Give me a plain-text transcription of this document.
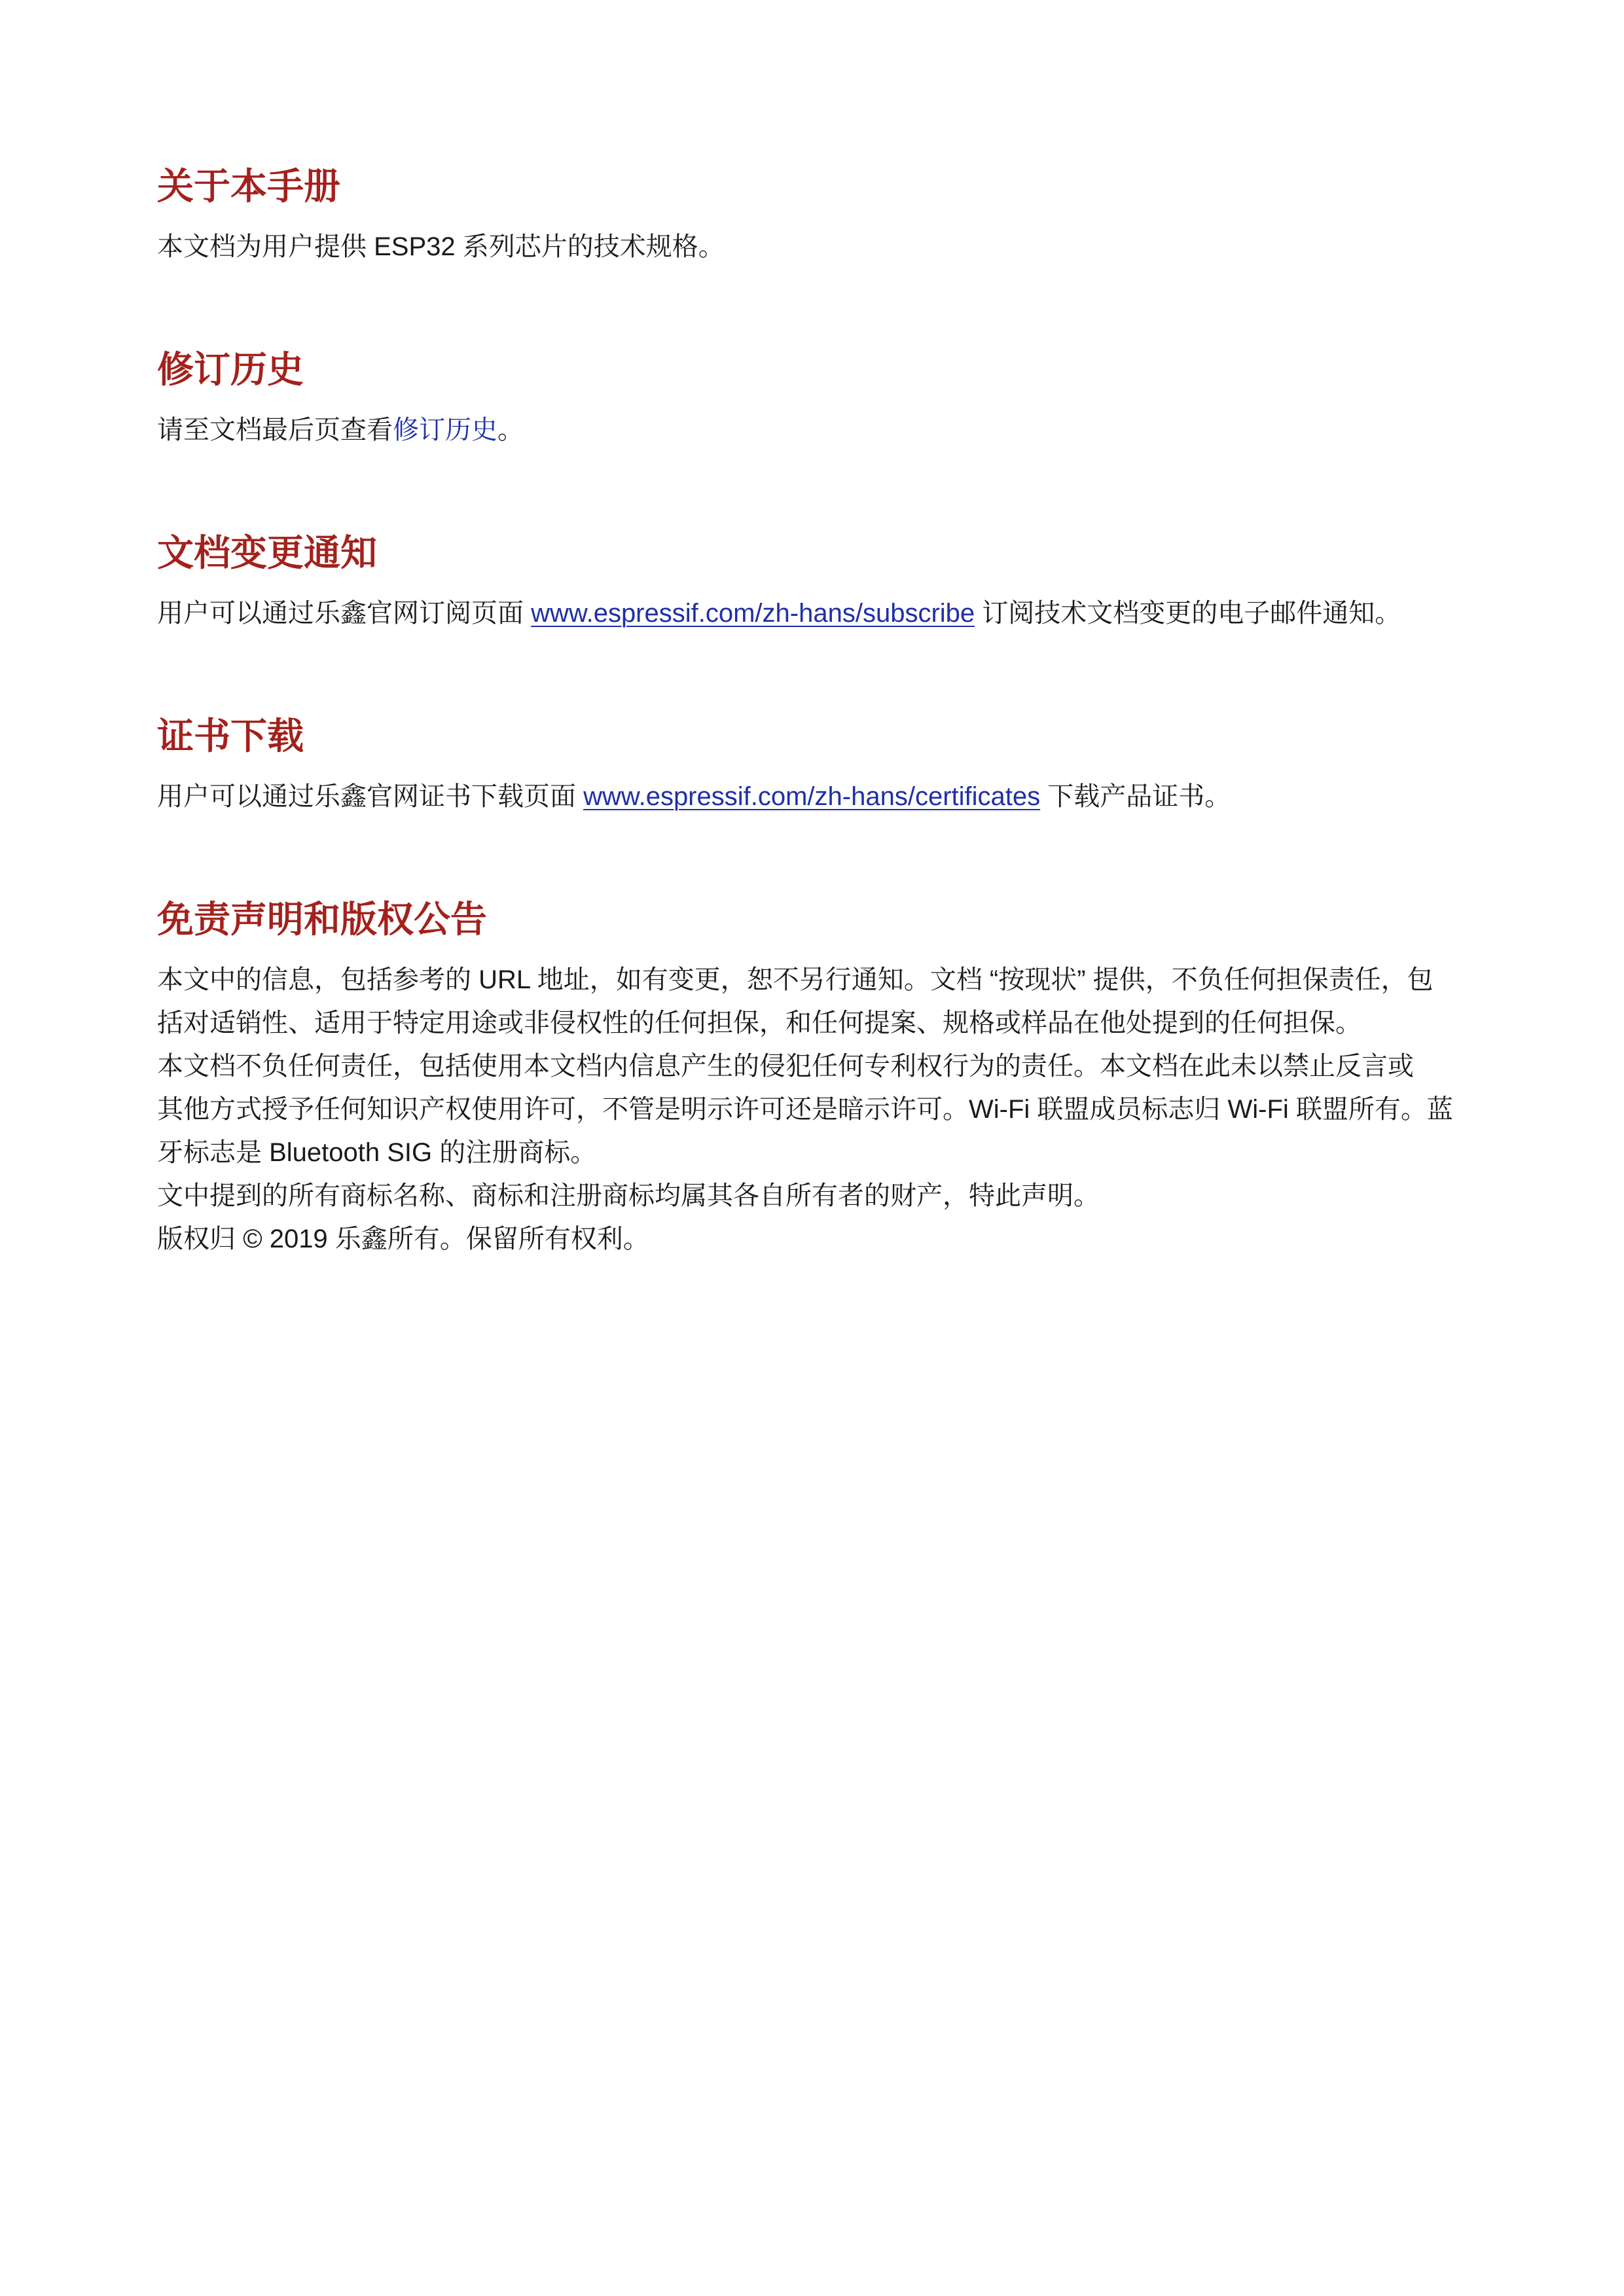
关于本手册

本文档为用户提供 ESP32 系列芯片的技术规格。

修订历史

请至文档最后页查看修订历史。

文档变更通知

用户可以通过乐鑫官网订阅页面 www.espressif.com/zh-hans/subscribe 订阅技术文档变更的电子邮件通知。

证书下载

用户可以通过乐鑫官网证书下载页面 www.espressif.com/zh-hans/certificates 下载产品证书。

免责声明和版权公告
本文中的信息，包括参考的 URL 地址，如有变更，恕不另行通知。文档 “按现状” 提供，不负任何担保责任，包
括对适销性、适用于特定用途或非侵权性的任何担保，和任何提案、规格或样品在他处提到的任何担保。
本文档不负任何责任，包括使用本文档内信息产生的侵犯任何专利权行为的责任。本文档在此未以禁止反言或
其他方式授予任何知识产权使用许可，不管是明示许可还是暗示许可。Wi-Fi 联盟成员标志归 Wi-Fi 联盟所有。蓝
牙标志是 Bluetooth SIG 的注册商标。
文中提到的所有商标名称、商标和注册商标均属其各自所有者的财产，特此声明。
版权归 © 2019 乐鑫所有。保留所有权利。
